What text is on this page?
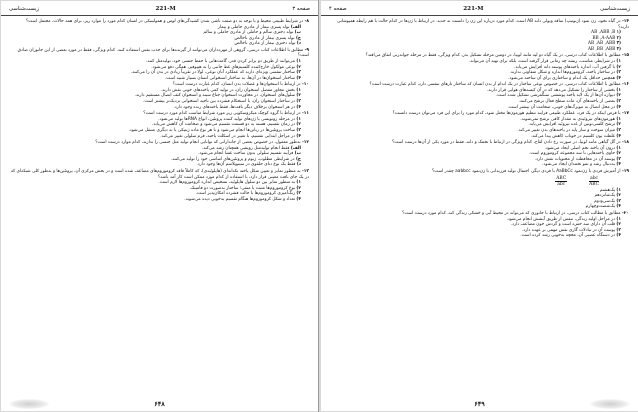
صفحه ۳
221-M
زیست‌شناسی
۸- در شرایط طبیعی محیط و با توجه به دو صفت ناشی شدن کشیدگی‌های لوس و همولیتیکی در انسان کدام مورد را موارد زیر، برای همه حالات، محتمل است؟
الف) تولد پسری بیمار از مادری حاملی و بیمار
ب) تولد دختری سالم و حاملی از مادری حاملی و سالم
ج) تولد پسری بیمار از مادری ناخالص
د) تولد دختری بیمار از مادری ناخالص
۹- مطابق با اطلاعات کتاب درسی، گروهی از مهره‌داران می‌توانند از گیرنده‌ها برای جذب نفس استفاده کنند. کدام ویژگی، فقط در مورد بعضی از این جانوران صادق است؟
۱) می‌توانند از طریق دو برابر کردن قدر، گامت‌هایی با حفظ جنسی خود، تولید‌مثل کنند.
۲) نوعی مولکول خارج‌کننده کلسیم‌های غط جانبی را به هیپوفیز، همگی دفع می‌شود.
۳) ساختار تنفسی ویژه‌ای دارند که عملکرد آنان نوعی، لولا در تقریباً زیادی در بدن آن را می‌کنند.
۴) ساختار استخوان‌ها در آن‌ها، به ساختار استخوانی انسان بسیار شبیه است.
۱۰- در ارتباط با استخوان‌ها و عضلات بدن انسان، کدام عبارت درست است؟
۱) بخش مجاور مفصل استخوان ران، در تولید کمی یاخته‌های خونی نقش دارند.
۲) سلول‌های استخوان، در مجاورت استخوان جناغ سینه و استخوان کتف اتصال مستقیم دارند.
۳) در ساختار استخوان ران، با استحکام فشرده بین ناحیه استخوانی نزدیک‌تر بیشتر است.
۴) در هر استخوان برخلاف دیگر بافت‌ها، فقط یاخته‌های زنده وجود دارد.
۱۱- در ارتباط با گروه کوچک میکروسکوپی زیر مورد شرایط مناسب کدام مورد درست است؟
۱) در مرحله رونویسی با ژن‌های تولید کننده پروتئین، انواع RNA‌ها تولید می‌شود.
۲) در زمان تقسیم، هسته به دو قسمت تقسیم می‌شود و ضخامت آن کاهش می‌یابد.
۳) ساخت پروتئین‌ها در رناتن‌ها انجام می‌شود و با هر نوع ماده ژنتیکی یا به دیگری منتقل می‌شود.
۴) در مراحل ابتدایی تقسیم، با تغییر در اسکلت یاخته، فرم سلولی تغییر می‌کند.
۱۲- به‌طور معمول، در خصوص بعضی از جاندارانی که توانایی انجام تولید مثل جنسی را ندارند، کدام موارد درست است؟
الف) فقط انجام تولید‌مثل رویشی همچنان رشد می‌کند.
ب) فرآیند تقسیم سلولی بدون ساخت غشا انجام می‌شود.
ج) در شرایطی مطلوب، ژنوم و پروتئین‌های اساسی خود را تولید می‌کنند.
د) فقط یک نوع دنای حلقوی در سیتوپلاسم آن‌ها وجود دارد.
۱۳- به منظور تمایز و تعیین شکل یاخته تکدانه‌ای (هاپلوئیدی)، که کاملاً فاقد کروموزوم‌های مضاعف شده است و در بخش مرکزی آن، پروتئین‌ها و به‌طور کلی شبکه‌ای که در یک جای بافت معینی قرار دارد، با استفاده از کدام مورد ممکن است کار آمد باشد؟
۱) به منظور تمایز بین دو سلول هاپلوئید، تشخیص اندازه کروموزوم‌ها لازم است.
۲) نوع کروموزوم‌ها مثبت یا منفی؛ ساختار به‌صورت دو فامینک.
۳) رنگ‌آمیزی کروموزوم‌ها با حالت فشرده امکان‌پذیر است.
۴) تعداد و شکل کروموزوم‌ها هنگام تقسیم به‌خوبی دیده می‌شوند.
۶۴۸
زیست‌شناسی
221-M
صفحه ۴
۱۴- در گیاه نخود، ژن نمود (ژنوتیپ) ساقه ویولی دانه AB است، کدام مورد درباره این ژن را دانست نه جدید. در ارتباط با ژن‌ها در کدام حالت با هم رابطه همپوشانی دارند؟
AB ,ABB ,B ۱)
BB ,A-AAB ۲)
AB ,AB ,ABB ۳)
AB ,BB ,ABB ۴)
۱۵- مطابق با اطلاعات کتاب درسی، در یک گیاه دو لپه مانند لوبیا، در دومین مرحله تشکیل بذر، کدام ویژگی، فقط در مرحله جوانه‌زنی اتفاق می‌افتد؟
۱) در شرایطی مناسب، ریشه چه زمانی قرار گرفته است، بلکه برای تهیه آن می‌تواند.
۲) با گرفتن آب، اندازه یاخته‌های پوسته دانه افزایش می‌یابد.
۳) در ساختار یاخته، کروموزوم‌ها اندازه و شکل متفاوتی ندارند.
۴) همچنین حداقل یک اندام و ساختاری برای آن ساخته می‌شود.
۱۶- مطابق با اطلاعات کتاب درسی، در خصوص نوعی ساختار در یک اندام از بدن انسان که ساختار تار‌های تنفسی دارد، کدام عبارت درست است؟
۱) بخشی از ساختار را تشکیل می‌دهد که در آن کیسه‌های هوایی قرار دارند.
۲) دیواره آن‌ها از یک لایه یاخته پوششی سنگفرشی تشکیل شده است.
۳) بعضی از یاخته‌های آن، ماده سطح فعال ترشح می‌کنند.
۴) در محل اتصال به مویرگ‌های خونی، ضخامت آن بیشتر است.
۱۷- با فرض اینکه در یک فرد، عملکرد طبیعی فرایند تنظیم هورمون‌ها مختل شود، کدام مورد را برای این فرد می‌توان درست دانست؟
۱) هورمون‌های تیروئیدی به مقدار کافی ترشح نمی‌شوند.
۲) ترشح کلسی‌تونین از غده تیروئید افزایش می‌یابد.
۳) میزان سوخت و ساز پایه در یاخته‌های بدن تغییر می‌کند.
۴) غلظت یون کلسیم در خوناب کاهش پیدا می‌کند.
۱۸- در گل گیاهی مانند لوبیا، در صورت رخ دادن لقاح، کدام ویژگی در ارتباط با تخمک و دانه، فقط در مورد یکی از آن‌ها درست است؟
۱) درون آن یاخته تخم اصلی ایجاد می‌شود.
۲) حاوی یاخته‌هایی با سه مجموعه کروموزوم است.
۳) پوسته آن در محافظت از محتویات نقش دارد.
۴) به‌دنبال رشد و نمو تخمدان ایجاد می‌شود.
۱۹- از آمیزش فردی با ژن‌نمود AaBbCc با فردی دیگر، احتمال تولید فرزندانی با ژن‌نمود aabbcc چقدر است؟
$\frac{\text{ABC}}{\text{abc}}$	$\frac{\text{abc}}{\text{ABC}}$
۱) یک‌هشتم
۲) یک‌شانزدهم
۳) یک‌سی‌ودوم
۴) یک‌شصت‌وچهارم
۲۰- مطابق با مطالب کتاب درسی، در ارتباط با جانوری که می‌تواند در محیط آبی و خشکی زندگی کند، کدام مورد درست است؟
۱) در مراحل اولیه زندگی، تنفس از طریق آبشش انجام می‌شود.
۲) قلب آن دارای سه حفره است و گردش خون مضاعف دارد.
۳) پوست آن در تبادلات گازی نقش مهمی بر عهده دارد.
۴) در دستگاه عصبی آن، مخچه به‌خوبی رشد کرده است.
۶۴۹
